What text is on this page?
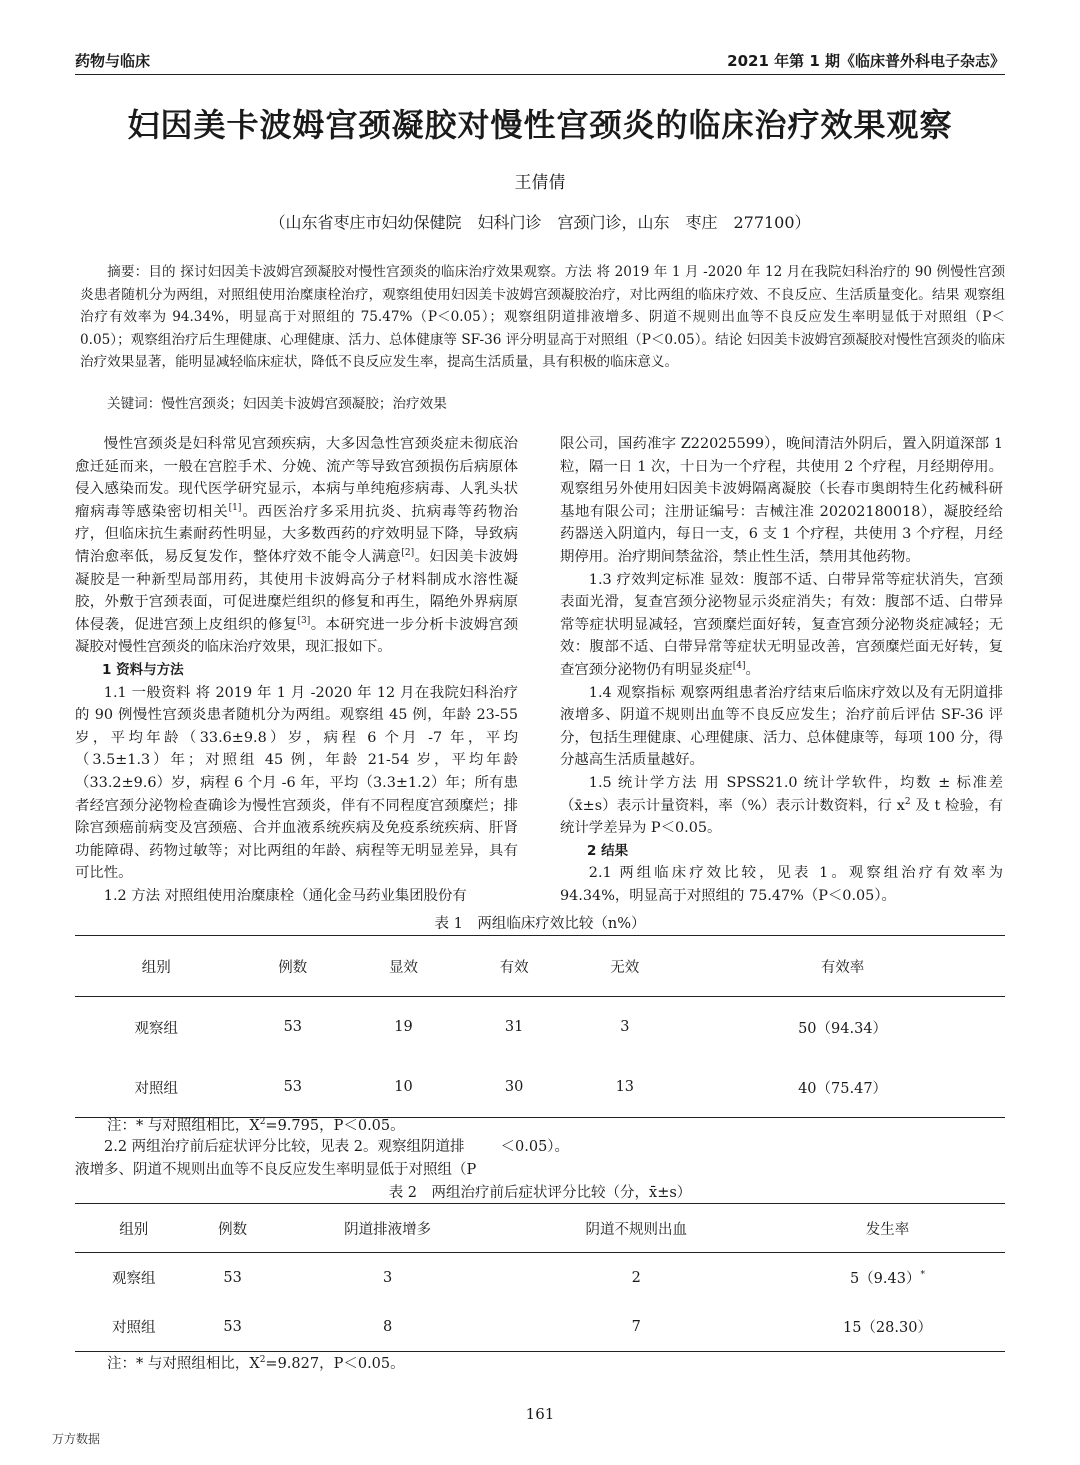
药物与临床	2021 年第 1 期《临床普外科电子杂志》
妇因美卡波姆宫颈凝胶对慢性宫颈炎的临床治疗效果观察
王倩倩
（山东省枣庄市妇幼保健院　妇科门诊　宫颈门诊，山东　枣庄　277100）
摘要：目的 探讨妇因美卡波姆宫颈凝胶对慢性宫颈炎的临床治疗效果观察。方法 将 2019 年 1 月 -2020 年 12 月在我院妇科治疗的 90 例慢性宫颈炎患者随机分为两组，对照组使用治糜康栓治疗，观察组使用妇因美卡波姆宫颈凝胶治疗，对比两组的临床疗效、不良反应、生活质量变化。结果 观察组治疗有效率为 94.34%，明显高于对照组的 75.47%（P＜0.05）；观察组阴道排液增多、阴道不规则出血等不良反应发生率明显低于对照组（P＜0.05）；观察组治疗后生理健康、心理健康、活力、总体健康等 SF-36 评分明显高于对照组（P＜0.05）。结论 妇因美卡波姆宫颈凝胶对慢性宫颈炎的临床治疗效果显著，能明显减轻临床症状，降低不良反应发生率，提高生活质量，具有积极的临床意义。
关键词：慢性宫颈炎；妇因美卡波姆宫颈凝胶；治疗效果

慢性宫颈炎是妇科常见宫颈疾病，大多因急性宫颈炎症未彻底治愈迁延而来，一般在宫腔手术、分娩、流产等导致宫颈损伤后病原体侵入感染而发。现代医学研究显示，本病与单纯疱疹病毒、人乳头状瘤病毒等感染密切相关[1]。西医治疗多采用抗炎、抗病毒等药物治疗，但临床抗生素耐药性明显，大多数西药的疗效明显下降，导致病情治愈率低，易反复发作，整体疗效不能令人满意[2]。妇因美卡波姆凝胶是一种新型局部用药，其使用卡波姆高分子材料制成水溶性凝胶，外敷于宫颈表面，可促进糜烂组织的修复和再生，隔绝外界病原体侵袭，促进宫颈上皮组织的修复[3]。本研究进一步分析卡波姆宫颈凝胶对慢性宫颈炎的临床治疗效果，现汇报如下。

1 资料与方法

1.1 一般资料 将 2019 年 1 月 -2020 年 12 月在我院妇科治疗的 90 例慢性宫颈炎患者随机分为两组。观察组 45 例，年龄 23-55 岁，平均年龄（33.6±9.8）岁，病程 6 个月 -7 年，平均（3.5±1.3）年；对照组 45 例，年龄 21-54 岁，平均年龄（33.2±9.6）岁，病程 6 个月 -6 年，平均（3.3±1.2）年；所有患者经宫颈分泌物检查确诊为慢性宫颈炎，伴有不同程度宫颈糜烂；排除宫颈癌前病变及宫颈癌、合并血液系统疾病及免疫系统疾病、肝肾功能障碍、药物过敏等；对比两组的年龄、病程等无明显差异，具有可比性。

1.2 方法 对照组使用治糜康栓（通化金马药业集团股份有

限公司，国药准字 Z22025599），晚间清洁外阴后，置入阴道深部 1 粒，隔一日 1 次，十日为一个疗程，共使用 2 个疗程，月经期停用。观察组另外使用妇因美卡波姆隔离凝胶（长春市奥朗特生化药械科研基地有限公司；注册证编号：吉械注准 20202180018），凝胶经给药器送入阴道内，每日一支，6 支 1 个疗程，共使用 3 个疗程，月经期停用。治疗期间禁盆浴，禁止性生活，禁用其他药物。

1.3 疗效判定标准 显效：腹部不适、白带异常等症状消失，宫颈表面光滑，复查宫颈分泌物显示炎症消失；有效：腹部不适、白带异常等症状明显减轻，宫颈糜烂面好转，复查宫颈分泌物炎症减轻；无效：腹部不适、白带异常等症状无明显改善，宫颈糜烂面无好转，复查宫颈分泌物仍有明显炎症[4]。

1.4 观察指标 观察两组患者治疗结束后临床疗效以及有无阴道排液增多、阴道不规则出血等不良反应发生；治疗前后评估 SF-36 评分，包括生理健康、心理健康、活力、总体健康等，每项 100 分，得分越高生活质量越好。

1.5 统计学方法 用 SPSS21.0 统计学软件，均数 ± 标准差（x̄±s）表示计量资料，率（%）表示计数资料，行 $x^2$ 及 t 检验，有统计学差异为 P＜0.05。

2 结果

2.1 两组临床疗效比较，见表 1。观察组治疗有效率为 94.34%，明显高于对照组的 75.47%（P＜0.05）。

表 1　两组临床疗效比较（n%）
组别	例数	显效	有效	无效	有效率
观察组	53	19	31	3	50（94.34）
对照组	53	10	30	13	40（75.47）
注：* 与对照组相比，$X^2=9.795$，P＜0.05。
2.2 两组治疗前后症状评分比较，见表 2。观察组阴道排 ＜0.05）。
液增多、阴道不规则出血等不良反应发生率明显低于对照组（P
表 2　两组治疗前后症状评分比较（分，x̄±s）
组别	例数	阴道排液增多	阴道不规则出血	发生率
观察组	53	3	2	5（9.43）*
对照组	53	8	7	15（28.30）
注：* 与对照组相比，$X^2=9.827$，P＜0.05。
161
万方数据
